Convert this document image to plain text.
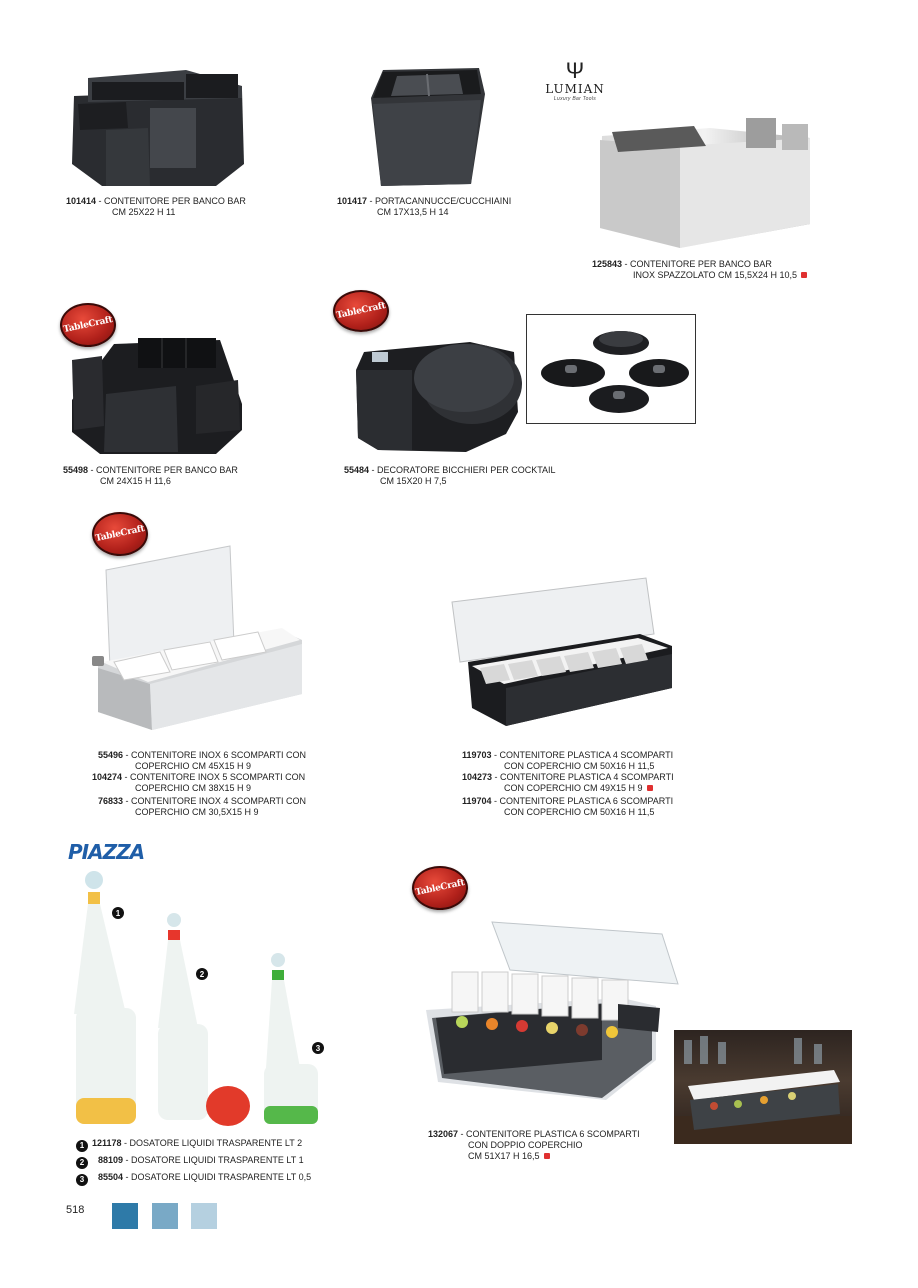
101414 - CONTENITORE PER BANCO BAR
CM 25X22 H 11
101417 - PORTACANNUCCE/CUCCHIAINI
CM 17X13,5 H 14
Ψ
LUMIAN
Luxury Bar Tools
125843 - CONTENITORE PER BANCO BAR
INOX SPAZZOLATO CM 15,5X24 H 10,5
TableCraft
55498 - CONTENITORE PER BANCO BAR
CM 24X15 H 11,6
TableCraft
55484 - DECORATORE BICCHIERI PER COCKTAIL
CM 15X20 H 7,5
TableCraft
55496 - CONTENITORE INOX 6 SCOMPARTI CON
COPERCHIO CM 45X15 H 9
104274 - CONTENITORE INOX 5 SCOMPARTI CON
COPERCHIO CM 38X15 H 9
76833 - CONTENITORE INOX 4 SCOMPARTI CON
COPERCHIO CM 30,5X15 H 9
119703 - CONTENITORE PLASTICA 4 SCOMPARTI
CON COPERCHIO CM 50X16 H 11,5
104273 - CONTENITORE PLASTICA 4 SCOMPARTI
CON COPERCHIO CM 49X15 H 9
119704 - CONTENITORE PLASTICA 6 SCOMPARTI
CON COPERCHIO CM 50X16 H 11,5
PIAZZA
1
2
3
1 121178 - DOSATORE LIQUIDI TRASPARENTE LT 2
2 88109 - DOSATORE LIQUIDI TRASPARENTE LT 1
3 85504 - DOSATORE LIQUIDI TRASPARENTE LT 0,5
TableCraft
132067 - CONTENITORE PLASTICA 6 SCOMPARTI
CON DOPPIO COPERCHIO
CM 51X17 H 16,5
518
